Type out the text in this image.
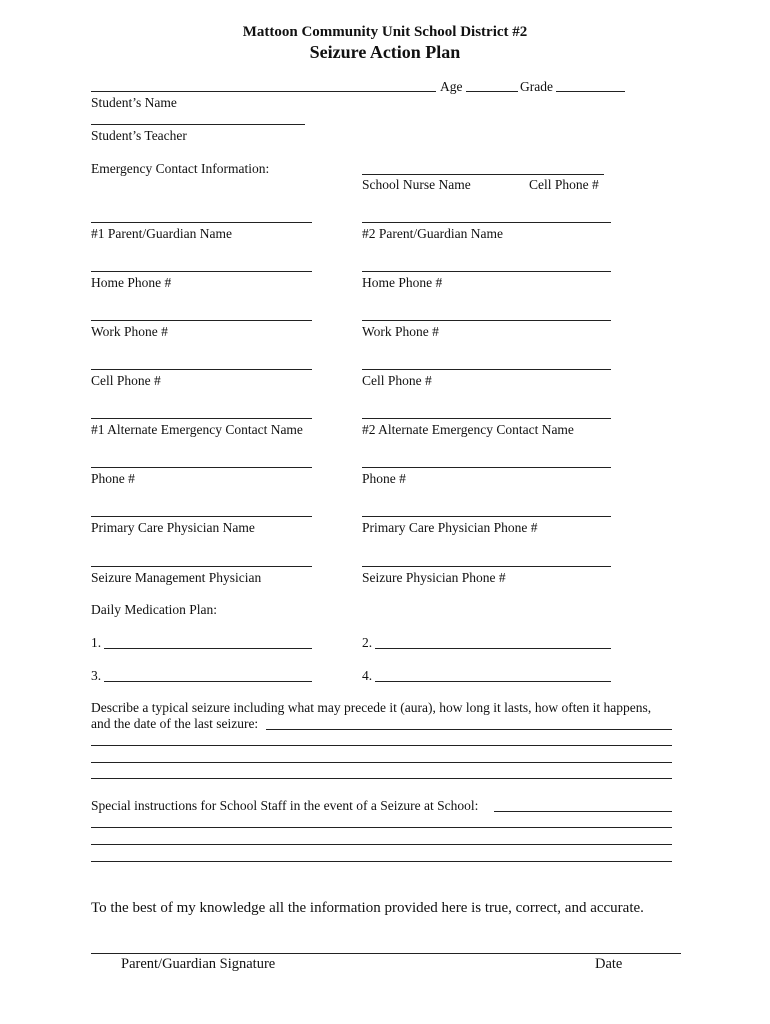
Mattoon Community Unit School District #2
Seizure Action Plan
Age	Grade
Student’s Name
Student’s Teacher
Emergency Contact Information:
School Nurse Name	Cell Phone #
#1 Parent/Guardian Name	#2 Parent/Guardian Name
Home Phone #	Home Phone #
Work Phone #	Work Phone #
Cell Phone #	Cell Phone #
#1 Alternate Emergency Contact Name	#2 Alternate Emergency Contact Name
Phone #	Phone #
Primary Care Physician Name	Primary Care Physician Phone #
Seizure Management Physician	Seizure Physician Phone #
Daily Medication Plan:
1.	2.
3.	4.
Describe a typical seizure including what may precede it (aura), how long it lasts, how often it happens,
and the date of the last seizure:
Special instructions for School Staff in the event of a Seizure at School:
To the best of my knowledge all the information provided here is true, correct, and accurate.
Parent/Guardian Signature	Date
